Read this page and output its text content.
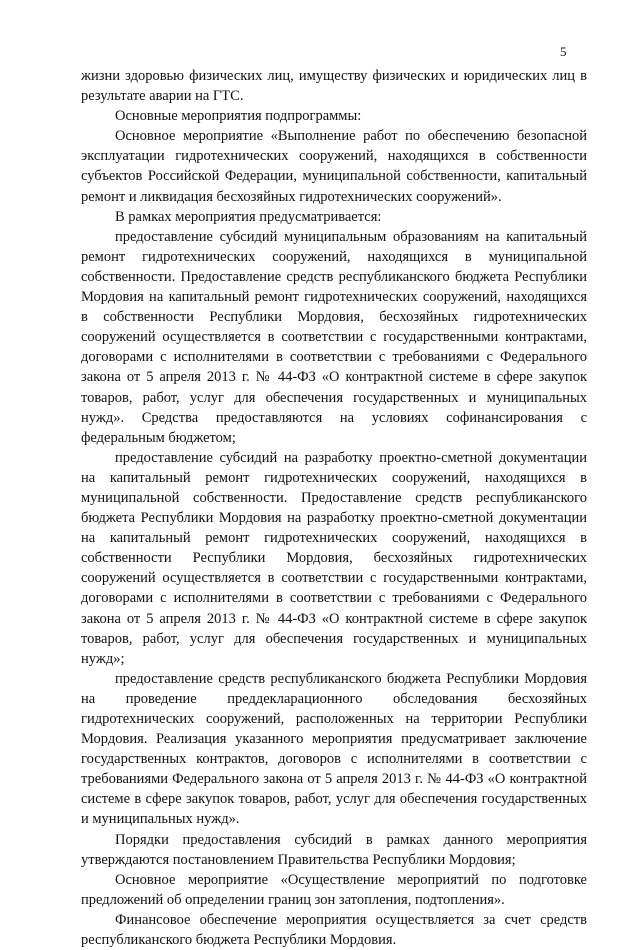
5

жизни здоровью физических лиц, имуществу физических и юридических лиц в результате аварии на ГТС.

Основные мероприятия подпрограммы:

Основное мероприятие «Выполнение работ по обеспечению безопасной эксплуатации гидротехнических сооружений, находящихся в собственности субъектов Российской Федерации, муниципальной собственности, капитальный ремонт и ликвидация бесхозяйных гидротехнических сооружений».

В рамках мероприятия предусматривается:

предоставление субсидий муниципальным образованиям на капитальный ремонт гидротехнических сооружений, находящихся в муниципальной собственности. Предоставление средств республиканского бюджета Республики Мордовия на капитальный ремонт гидротехнических сооружений, находящихся в собственности Республики Мордовия, бесхозяйных гидротехнических сооружений осуществляется в соответствии с государственными контрактами, договорами с исполнителями в соответствии с требованиями с Федерального закона от 5 апреля 2013 г. № 44-ФЗ «О контрактной системе в сфере закупок товаров, работ, услуг для обеспечения государственных и муниципальных нужд». Средства предоставляются на условиях софинансирования с федеральным бюджетом;

предоставление субсидий на разработку проектно-сметной документации на капитальный ремонт гидротехнических сооружений, находящихся в муниципальной собственности. Предоставление средств республиканского бюджета Республики Мордовия на разработку проектно-сметной документации на капитальный ремонт гидротехнических сооружений, находящихся в собственности Республики Мордовия, бесхозяйных гидротехнических сооружений осуществляется в соответствии с государственными контрактами, договорами с исполнителями в соответствии с требованиями с Федерального закона от 5 апреля 2013 г. № 44-ФЗ «О контрактной системе в сфере закупок товаров, работ, услуг для обеспечения государственных и муниципальных нужд»;

предоставление средств республиканского бюджета Республики Мордовия на проведение преддекларационного обследования бесхозяйных гидротехнических сооружений, расположенных на территории Республики Мордовия. Реализация указанного мероприятия предусматривает заключение государственных контрактов, договоров с исполнителями в соответствии с требованиями Федерального закона от 5 апреля 2013 г. № 44-ФЗ «О контрактной системе в сфере закупок товаров, работ, услуг для обеспечения государственных и муниципальных нужд».

Порядки предоставления субсидий в рамках данного мероприятия утверждаются постановлением Правительства Республики Мордовия;

Основное мероприятие «Осуществление мероприятий по подготовке предложений об определении границ зон затопления, подтопления».

Финансовое обеспечение мероприятия осуществляется за счет средств республиканского бюджета Республики Мордовия.
